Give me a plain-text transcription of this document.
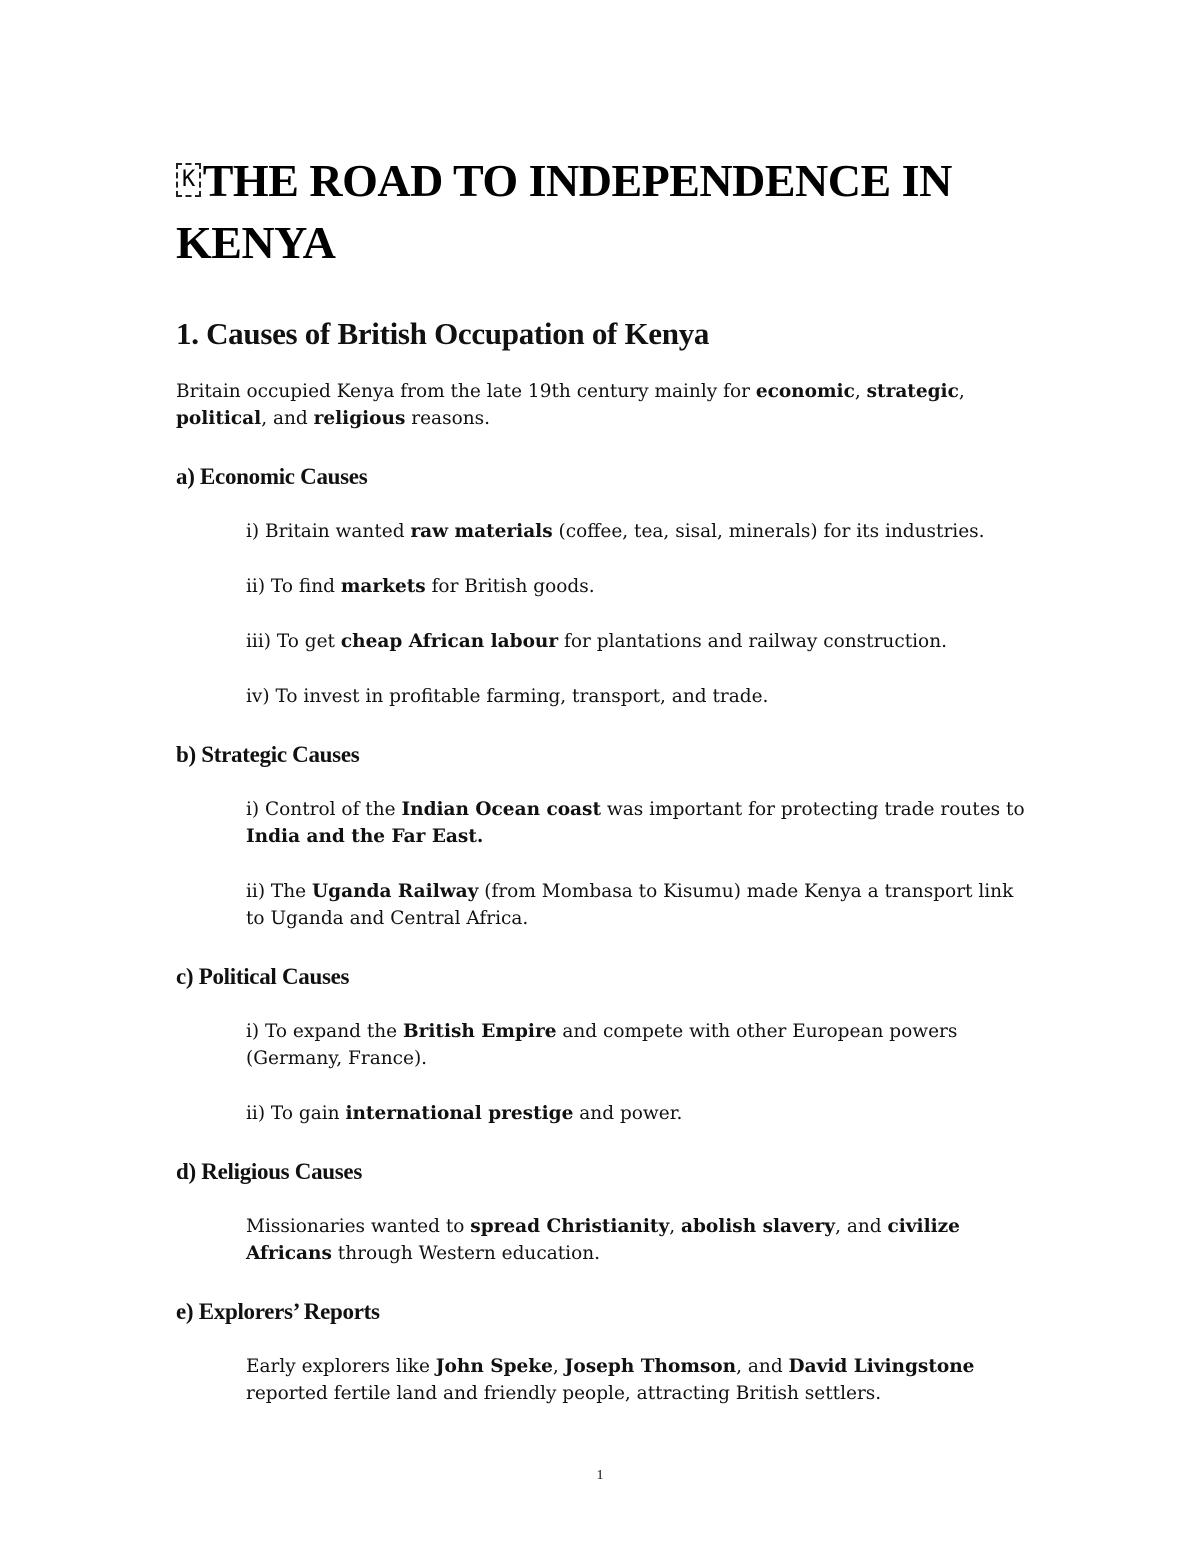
K THE ROAD TO INDEPENDENCE IN KENYA
1. Causes of British Occupation of Kenya

Britain occupied Kenya from the late 19th century mainly for economic, strategic, political, and religious reasons.

a) Economic Causes

i) Britain wanted raw materials (coffee, tea, sisal, minerals) for its industries.

ii) To find markets for British goods.

iii) To get cheap African labour for plantations and railway construction.

iv) To invest in profitable farming, transport, and trade.

b) Strategic Causes

i) Control of the Indian Ocean coast was important for protecting trade routes to India and the Far East.

ii) The Uganda Railway (from Mombasa to Kisumu) made Kenya a transport link to Uganda and Central Africa.

c) Political Causes

i) To expand the British Empire and compete with other European powers (Germany, France).

ii) To gain international prestige and power.

d) Religious Causes

Missionaries wanted to spread Christianity, abolish slavery, and civilize Africans through Western education.

e) Explorers’ Reports

Early explorers like John Speke, Joseph Thomson, and David Livingstone reported fertile land and friendly people, attracting British settlers.

1
